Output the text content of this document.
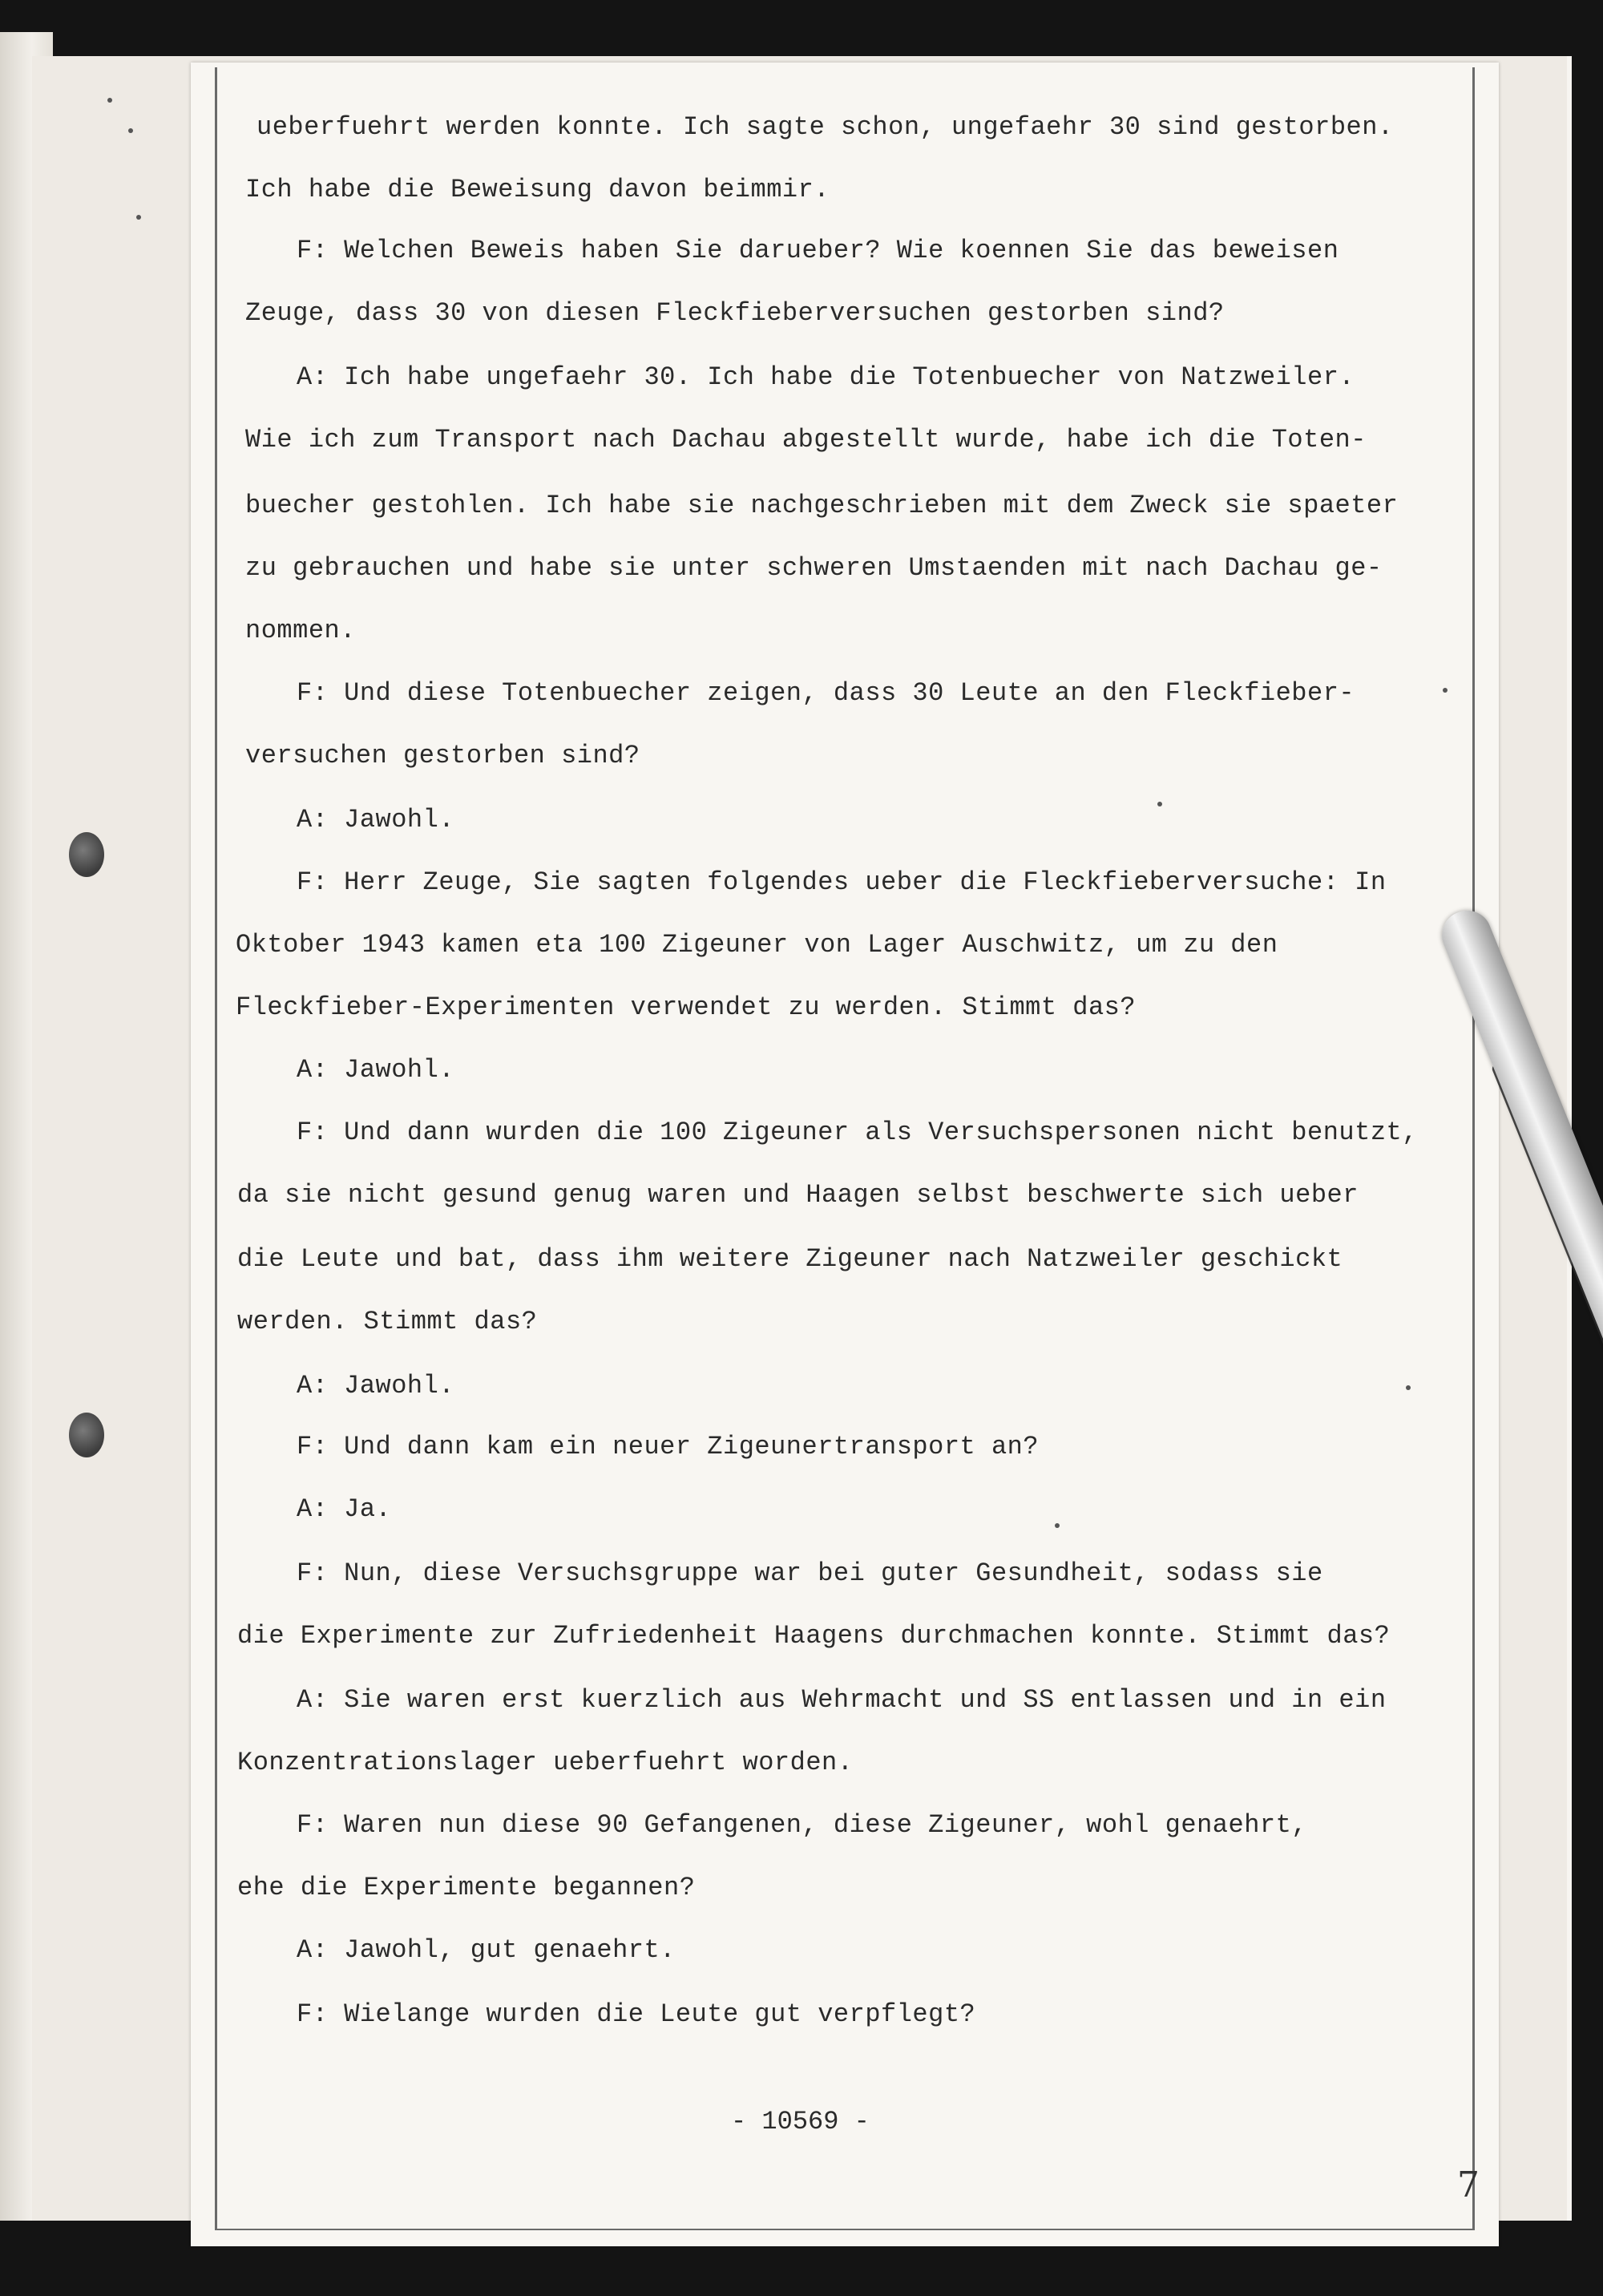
ueberfuehrt werden konnte. Ich sagte schon, ungefaehr 30 sind gestorben.
Ich habe die Beweisung davon beimmir.
F: Welchen Beweis haben Sie darueber? Wie koennen Sie das beweisen
Zeuge, dass 30 von diesen Fleckfieberversuchen gestorben sind?
A: Ich habe ungefaehr 30. Ich habe die Totenbuecher von Natzweiler.
Wie ich zum Transport nach Dachau abgestellt wurde, habe ich die Toten-
buecher gestohlen. Ich habe sie nachgeschrieben mit dem Zweck sie spaeter
zu gebrauchen und habe sie unter schweren Umstaenden mit nach Dachau ge-
nommen.
F: Und diese Totenbuecher zeigen, dass 30 Leute an den Fleckfieber-
versuchen gestorben sind?
A: Jawohl.
F: Herr Zeuge, Sie sagten folgendes ueber die Fleckfieberversuche: In
Oktober 1943 kamen eta 100 Zigeuner von Lager Auschwitz, um zu den
Fleckfieber-Experimenten verwendet zu werden. Stimmt das?
A: Jawohl.
F: Und dann wurden die 100 Zigeuner als Versuchspersonen nicht benutzt,
da sie nicht gesund genug waren und Haagen selbst beschwerte sich ueber
die Leute und bat, dass ihm weitere Zigeuner nach Natzweiler geschickt
werden. Stimmt das?
A: Jawohl.
F: Und dann kam ein neuer Zigeunertransport an?
A: Ja.
F: Nun, diese Versuchsgruppe war bei guter Gesundheit, sodass sie
die Experimente zur Zufriedenheit Haagens durchmachen konnte. Stimmt das?
A: Sie waren erst kuerzlich aus Wehrmacht und SS entlassen und in ein
Konzentrationslager ueberfuehrt worden.
F: Waren nun diese 90 Gefangenen, diese Zigeuner, wohl genaehrt,
ehe die Experimente begannen?
A: Jawohl, gut genaehrt.
F: Wielange wurden die Leute gut verpflegt?
- 10569 -
7
